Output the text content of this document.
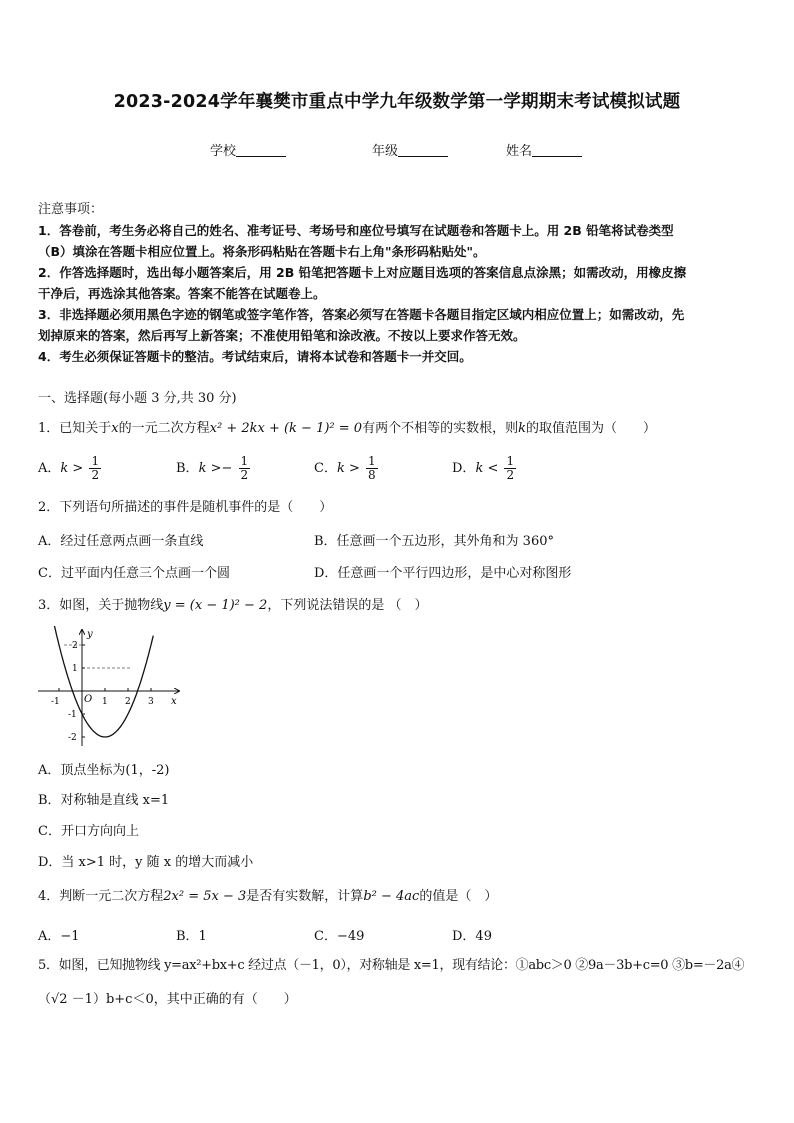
2023-2024学年襄樊市重点中学九年级数学第一学期期末考试模拟试题
学校	年级	姓名
注意事项：
1．答卷前，考生务必将自己的姓名、准考证号、考场号和座位号填写在试题卷和答题卡上。用 2B 铅笔将试卷类型
（B）填涂在答题卡相应位置上。将条形码粘贴在答题卡右上角"条形码粘贴处"。
2．作答选择题时，选出每小题答案后，用 2B 铅笔把答题卡上对应题目选项的答案信息点涂黑；如需改动，用橡皮擦
干净后，再选涂其他答案。答案不能答在试题卷上。
3．非选择题必须用黑色字迹的钢笔或签字笔作答，答案必须写在答题卡各题目指定区域内相应位置上；如需改动，先
划掉原来的答案，然后再写上新答案；不准使用铅笔和涂改液。不按以上要求作答无效。
4．考生必须保证答题卡的整洁。考试结束后，请将本试卷和答题卡一并交回。
一、选择题(每小题 3 分,共 30 分)
1．已知关于x的一元二次方程x² + 2kx + (k − 1)² = 0有两个不相等的实数根，则k的取值范围为（　　）
A．$k > \frac{1}{2}$	B．$k >- \frac{1}{2}$	C．$k > \frac{1}{8}$	D．$k < \frac{1}{2}$
2．下列语句所描述的事件是随机事件的是（　　）
A．经过任意两点画一条直线	B．任意画一个五边形，其外角和为 360°
C．过平面内任意三个点画一个圆	D．任意画一个平行四边形，是中心对称图形
3．如图，关于抛物线y = (x − 1)² − 2，下列说法错误的是 （　）
y
x
O
-1	1 2 3
2
1
-1
-2
A．顶点坐标为(1，-2)
B．对称轴是直线 x=1
C．开口方向向上
D．当 x>1 时，y 随 x 的增大而减小
4．判断一元二次方程2x² = 5x − 3是否有实数解，计算b² − 4ac的值是（　）
A．−1	B．1	C．−49	D．49
5．如图，已知抛物线 y=ax²+bx+c 经过点（－1，0），对称轴是 x=1，现有结论：①abc＞0 ②9a－3b+c=0 ③b=－2a④
（√2 －1）b+c＜0，其中正确的有（　　）
